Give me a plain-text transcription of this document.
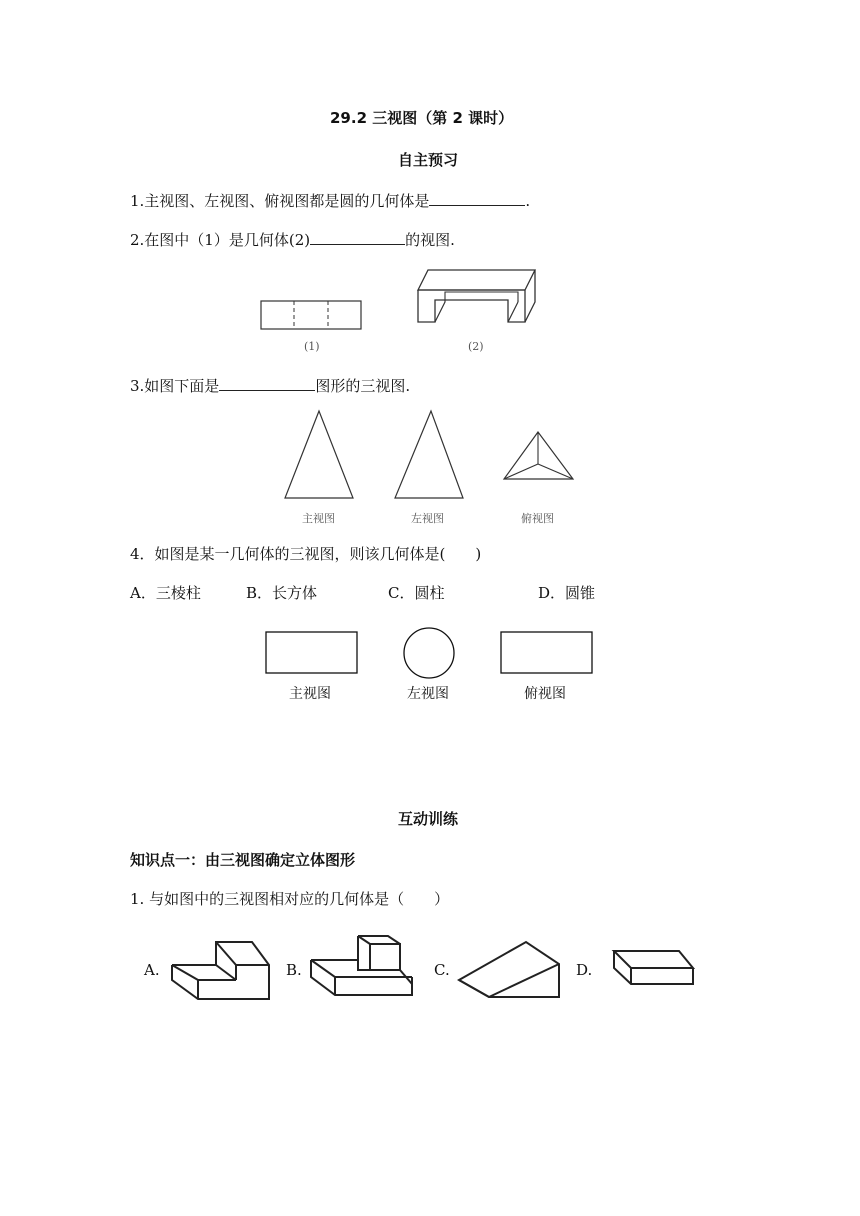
29.2 三视图（第 2 课时）
自主预习
1.主视图、左视图、俯视图都是圆的几何体是	.
2.在图中（1）是几何体(2)	的视图.
(1)	(2)
3.如图下面是	图形的三视图.
主视图	左视图	俯视图
4．如图是某一几何体的三视图，则该几何体是(　　)
A．三棱柱	B．长方体	C．圆柱	D．圆锥
主视图	左视图	俯视图
互动训练
知识点一：由三视图确定立体图形
1. 与如图中的三视图相对应的几何体是（　　）
A.	B.	C.	D.
